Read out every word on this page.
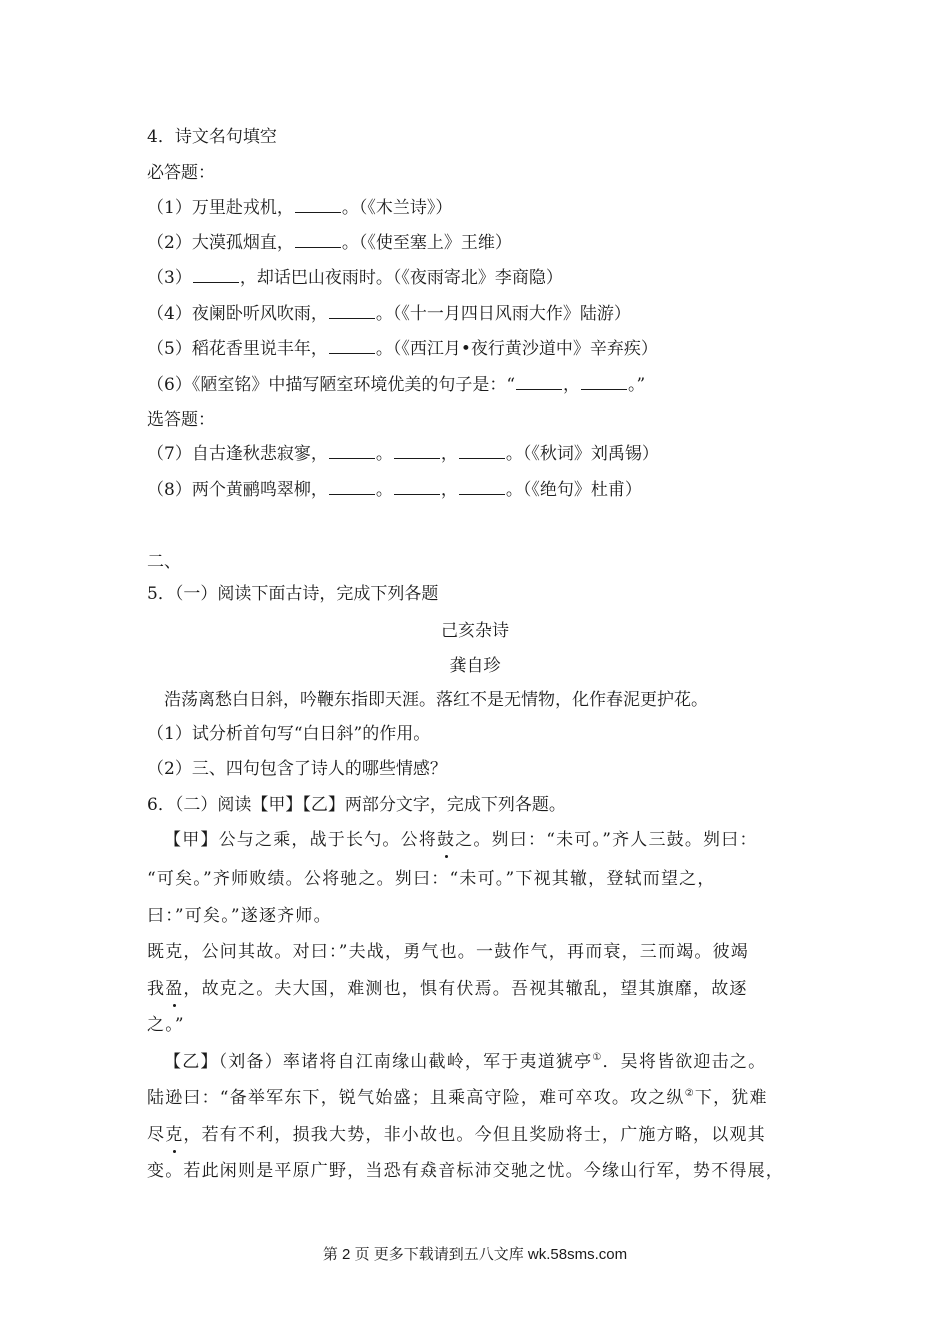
4．诗文名句填空
必答题：
（1）万里赴戎机，	。（《木兰诗》）
（2）大漠孤烟直，	。（《使至塞上》王维）
（3）	，却话巴山夜雨时。（《夜雨寄北》李商隐）
（4）夜阑卧听风吹雨，	。（《十一月四日风雨大作》陆游）
（5）稻花香里说丰年，	。（《西江月•夜行黄沙道中》辛弃疾）
（6）《陋室铭》中描写陋室环境优美的句子是：“	，	。”
选答题：
（7）自古逢秋悲寂寥，	。	，	。（《秋词》刘禹锡）
（8）两个黄鹂鸣翠柳，	。	，	。（《绝句》杜甫）
二、
5．（一）阅读下面古诗，完成下列各题
己亥杂诗
龚自珍
浩荡离愁白日斜，吟鞭东指即天涯。落红不是无情物，化作春泥更护花。
（1）试分析首句写“白日斜”的作用。
（2）三、四句包含了诗人的哪些情感？
6．（二）阅读【甲】【乙】两部分文字，完成下列各题。
【甲】公与之乘，战于长勺。公将鼓之。刿曰：“未可。”齐人三鼓。刿曰：
“可矣。”齐师败绩。公将驰之。刿曰：“未可。”下视其辙，登轼而望之，
曰：”可矣。”遂逐齐师。
既克，公问其故。对曰：”夫战，勇气也。一鼓作气，再而衰，三而竭。彼竭
我盈，故克之。夫大国，难测也，惧有伏焉。吾视其辙乱，望其旗靡，故逐
之。”
【乙】（刘备）率诸将自江南缘山截岭，军于夷道猇亭①．吴将皆欲迎击之。
陆逊曰：“备举军东下，锐气始盛；且乘高守险，难可卒攻。攻之纵②下，犹难
尽克，若有不利，损我大势，非小故也。今但且奖励将士，广施方略，以观其
变。若此闲则是平原广野，当恐有猋音标沛交驰之忧。今缘山行军，势不得展，
第 2 页 更多下载请到五八文库 wk.58sms.com
